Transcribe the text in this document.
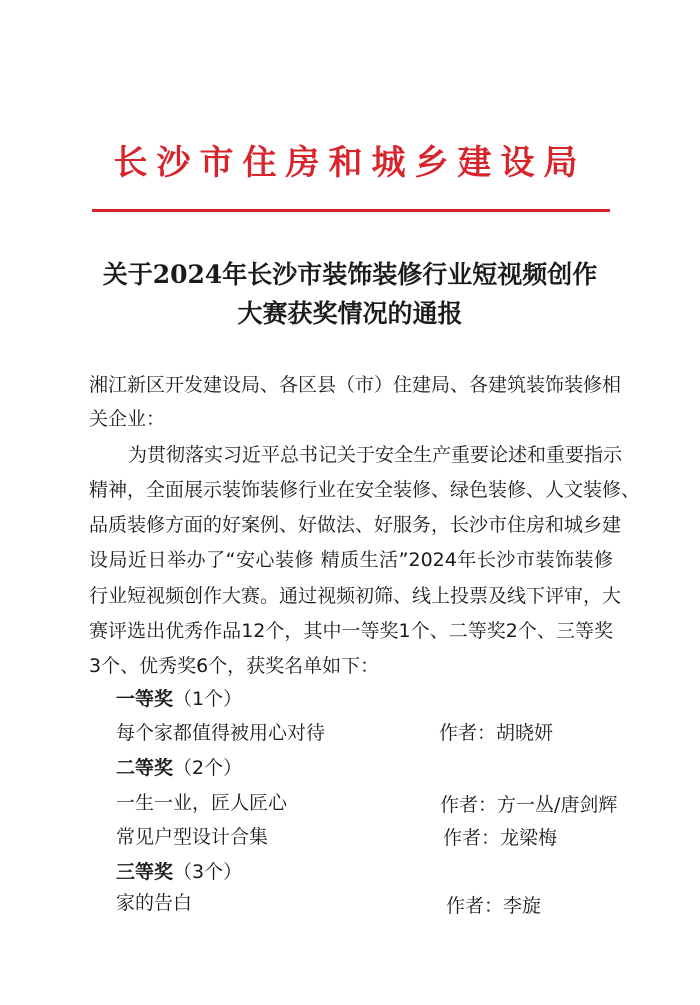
长沙市住房和城乡建设局
关于2024年长沙市装饰装修行业短视频创作
大赛获奖情况的通报
湘江新区开发建设局、各区县（市）住建局、各建筑装饰装修相
关企业：
为贯彻落实习近平总书记关于安全生产重要论述和重要指示
精神，全面展示装饰装修行业在安全装修、绿色装修、人文装修、
品质装修方面的好案例、好做法、好服务，长沙市住房和城乡建
设局近日举办了“安心装修 精质生活”2024年长沙市装饰装修
行业短视频创作大赛。通过视频初筛、线上投票及线下评审，大
赛评选出优秀作品12个，其中一等奖1个、二等奖2个、三等奖
3个、优秀奖6个，获奖名单如下：
一等奖（1个）
每个家都值得被用心对待	作者：胡晓妍
二等奖（2个）
一生一业，匠人匠心	作者：方一丛/唐剑辉
常见户型设计合集	作者：龙梁梅
三等奖（3个）
家的告白	作者：李旋
